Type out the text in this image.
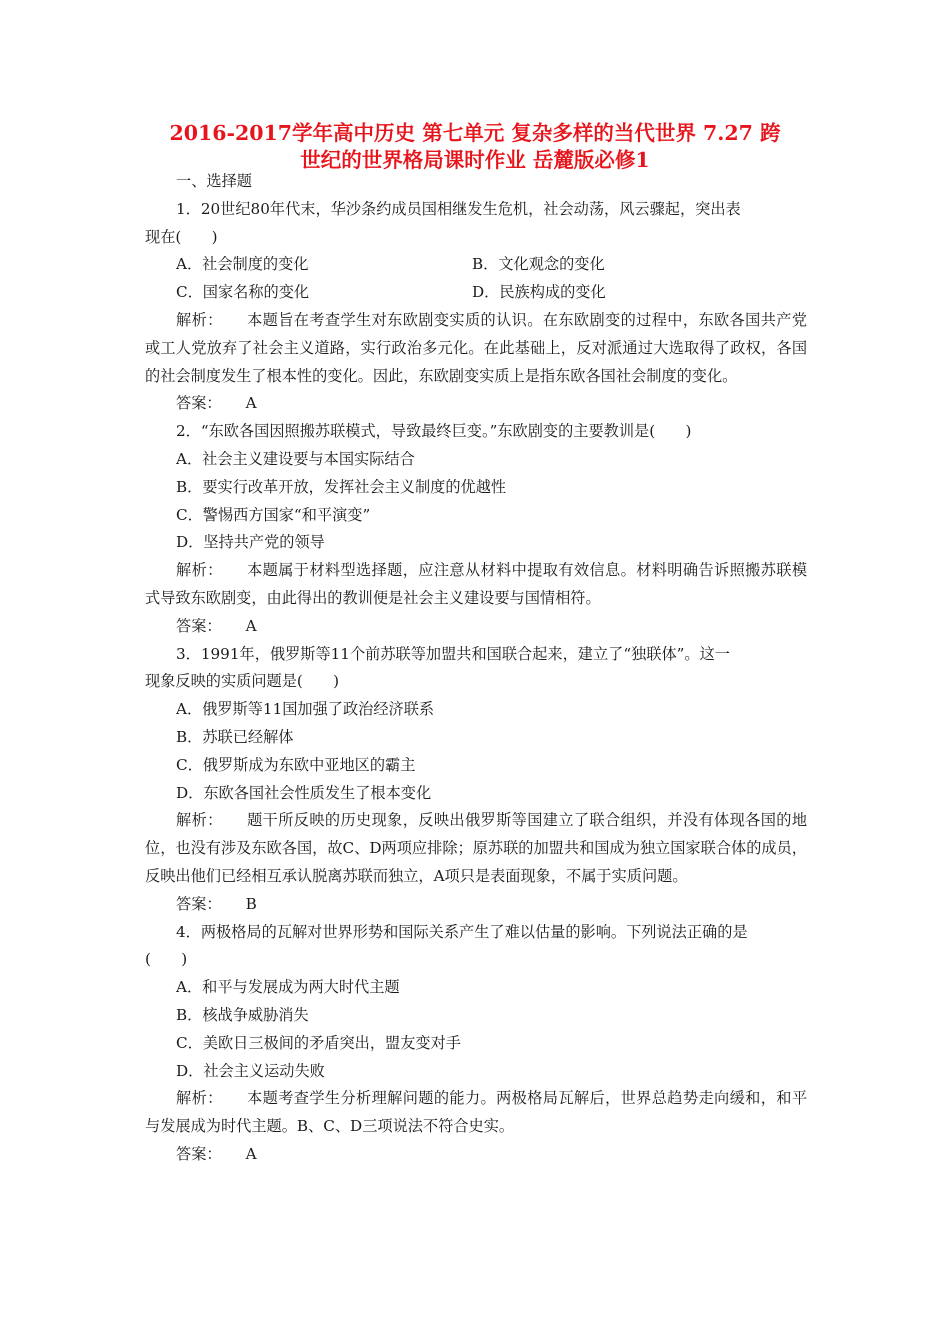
2016-2017学年高中历史 第七单元 复杂多样的当代世界 7.27 跨
世纪的世界格局课时作业 岳麓版必修1
一、选择题
1．20世纪80年代末，华沙条约成员国相继发生危机，社会动荡，风云骤起，突出表
现在(　　)
A．社会制度的变化	B．文化观念的变化
C．国家名称的变化	D．民族构成的变化
解析： 本题旨在考查学生对东欧剧变实质的认识。在东欧剧变的过程中，东欧各国共产党或工人党放弃了社会主义道路，实行政治多元化。在此基础上，反对派通过大选取得了政权，各国的社会制度发生了根本性的变化。因此，东欧剧变实质上是指东欧各国社会制度的变化。
答案： A
2．“东欧各国因照搬苏联模式，导致最终巨变。”东欧剧变的主要教训是(　　)
A．社会主义建设要与本国实际结合
B．要实行改革开放，发挥社会主义制度的优越性
C．警惕西方国家“和平演变”
D．坚持共产党的领导
解析： 本题属于材料型选择题，应注意从材料中提取有效信息。材料明确告诉照搬苏联模式导致东欧剧变，由此得出的教训便是社会主义建设要与国情相符。
答案： A
3．1991年，俄罗斯等11个前苏联等加盟共和国联合起来，建立了“独联体”。这一
现象反映的实质问题是(　　)
A．俄罗斯等11国加强了政治经济联系
B．苏联已经解体
C．俄罗斯成为东欧中亚地区的霸主
D．东欧各国社会性质发生了根本变化
解析： 题干所反映的历史现象，反映出俄罗斯等国建立了联合组织，并没有体现各国的地位，也没有涉及东欧各国，故C、D两项应排除；原苏联的加盟共和国成为独立国家联合体的成员，反映出他们已经相互承认脱离苏联而独立，A项只是表面现象，不属于实质问题。
答案： B
4．两极格局的瓦解对世界形势和国际关系产生了难以估量的影响。下列说法正确的是
(　　)
A．和平与发展成为两大时代主题
B．核战争威胁消失
C．美欧日三极间的矛盾突出，盟友变对手
D．社会主义运动失败
解析： 本题考查学生分析理解问题的能力。两极格局瓦解后，世界总趋势走向缓和，和平与发展成为时代主题。B、C、D三项说法不符合史实。
答案： A
